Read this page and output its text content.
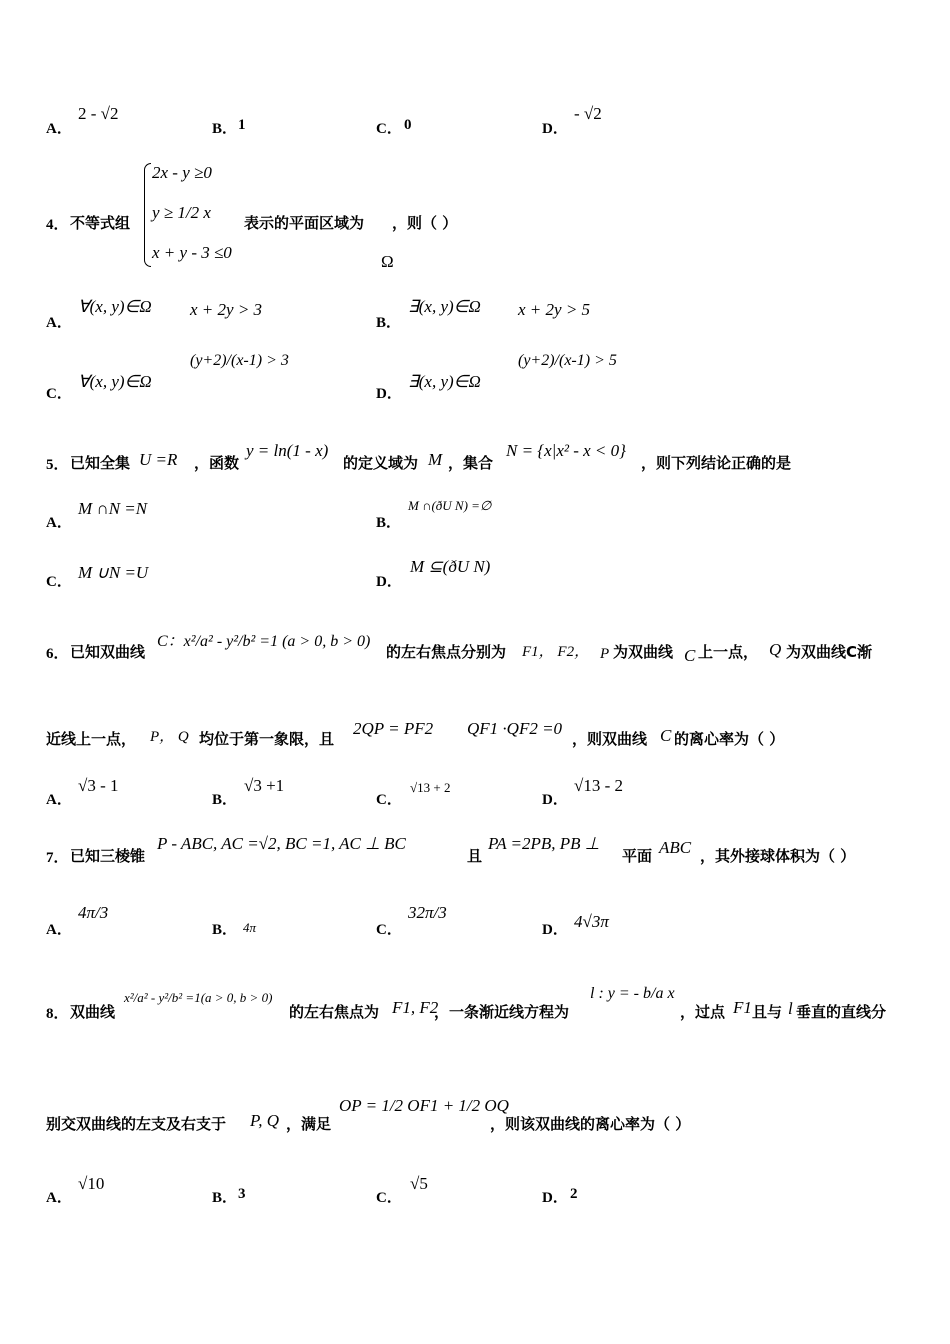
A．
2 - √2
B． 1	C． 0	D．
- √2
4． 不等式组
2x - y ≥0
y ≥ 1/2 x
x + y - 3 ≤0
表示的平面区域为 ，则（ ）
Ω
A．
∀(x, y)∈Ω x + 2y > 3
B．
∃(x, y)∈Ω x + 2y > 5
C．
∀(x, y)∈Ω
(y+2)/(x-1) > 3
D．
∃(x, y)∈Ω
(y+2)/(x-1) > 5
5． 已知全集 U =R ，函数
y = ln(1 - x)
的定义域为 M ，集合
N = {x|x² - x < 0}
，则下列结论正确的是
A．
M ∩N =N
B．
M ∩(ðU N) =∅
C． M ∪N =U	D．
M ⊆(ðU N)
6． 已知双曲线
C：x²/a² - y²/b² =1 (a > 0, b > 0)
的左右焦点分别为 F1， F2， P 为双曲线 C 上一点， Q 为双曲线C渐
近线上一点， P， Q 均位于第一象限，且
2QP = PF2 QF1 ·QF2 =0
，则双曲线 C 的离心率为（ ）
A．
√3 - 1
B．
√3 +1
C．
√13 + 2
D．
√13 - 2
7． 已知三棱锥
P - ABC, AC =√2, BC =1, AC ⊥ BC
且
PA =2PB, PB ⊥
平面 ABC ，其外接球体积为（ ）
A．
4π/3
B． 4π	C．
32π/3
D． 4√3π
8． 双曲线
x²/a² - y²/b² =1(a > 0, b > 0)
的左右焦点为 F1, F2
，一条渐近线方程为
l : y = - b/a x
，过点 F1 且与 l 垂直的直线分
别交双曲线的左支及右支于 P, Q ，满足
OP = 1/2 OF1 + 1/2 OQ
，则该双曲线的离心率为（ ）
A．
√10
B． 3	C．
√5
D． 2
